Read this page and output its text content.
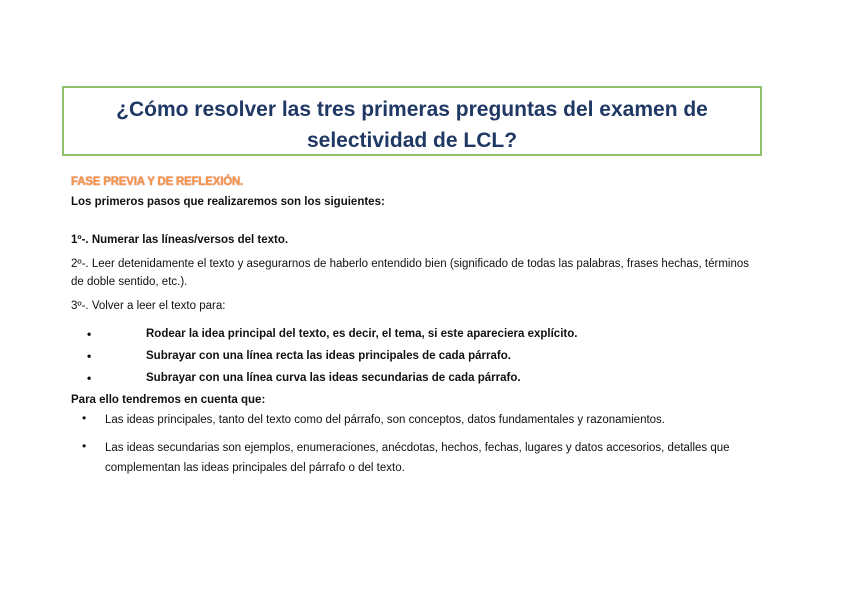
¿Cómo resolver las tres primeras preguntas del examen de

selectividad de LCL?

FASE PREVIA Y DE REFLEXIÓN.
Los primeros pasos que realizaremos son los siguientes:
1º-. Numerar las líneas/versos del texto.
2º-. Leer detenidamente el texto y asegurarnos de haberlo entendido bien (significado de todas las palabras, frases hechas, términos de doble sentido, etc.).
3º-. Volver a leer el texto para:
•	Rodear la idea principal del texto, es decir, el tema, si este apareciera explícito.
•	Subrayar con una línea recta las ideas principales de cada párrafo.
•	Subrayar con una línea curva las ideas secundarias de cada párrafo.
Para ello tendremos en cuenta que:
• Las ideas principales, tanto del texto como del párrafo, son conceptos, datos fundamentales y razonamientos.
• Las ideas secundarias son ejemplos, enumeraciones, anécdotas, hechos, fechas, lugares y datos accesorios, detalles que complementan las ideas principales del párrafo o del texto.
